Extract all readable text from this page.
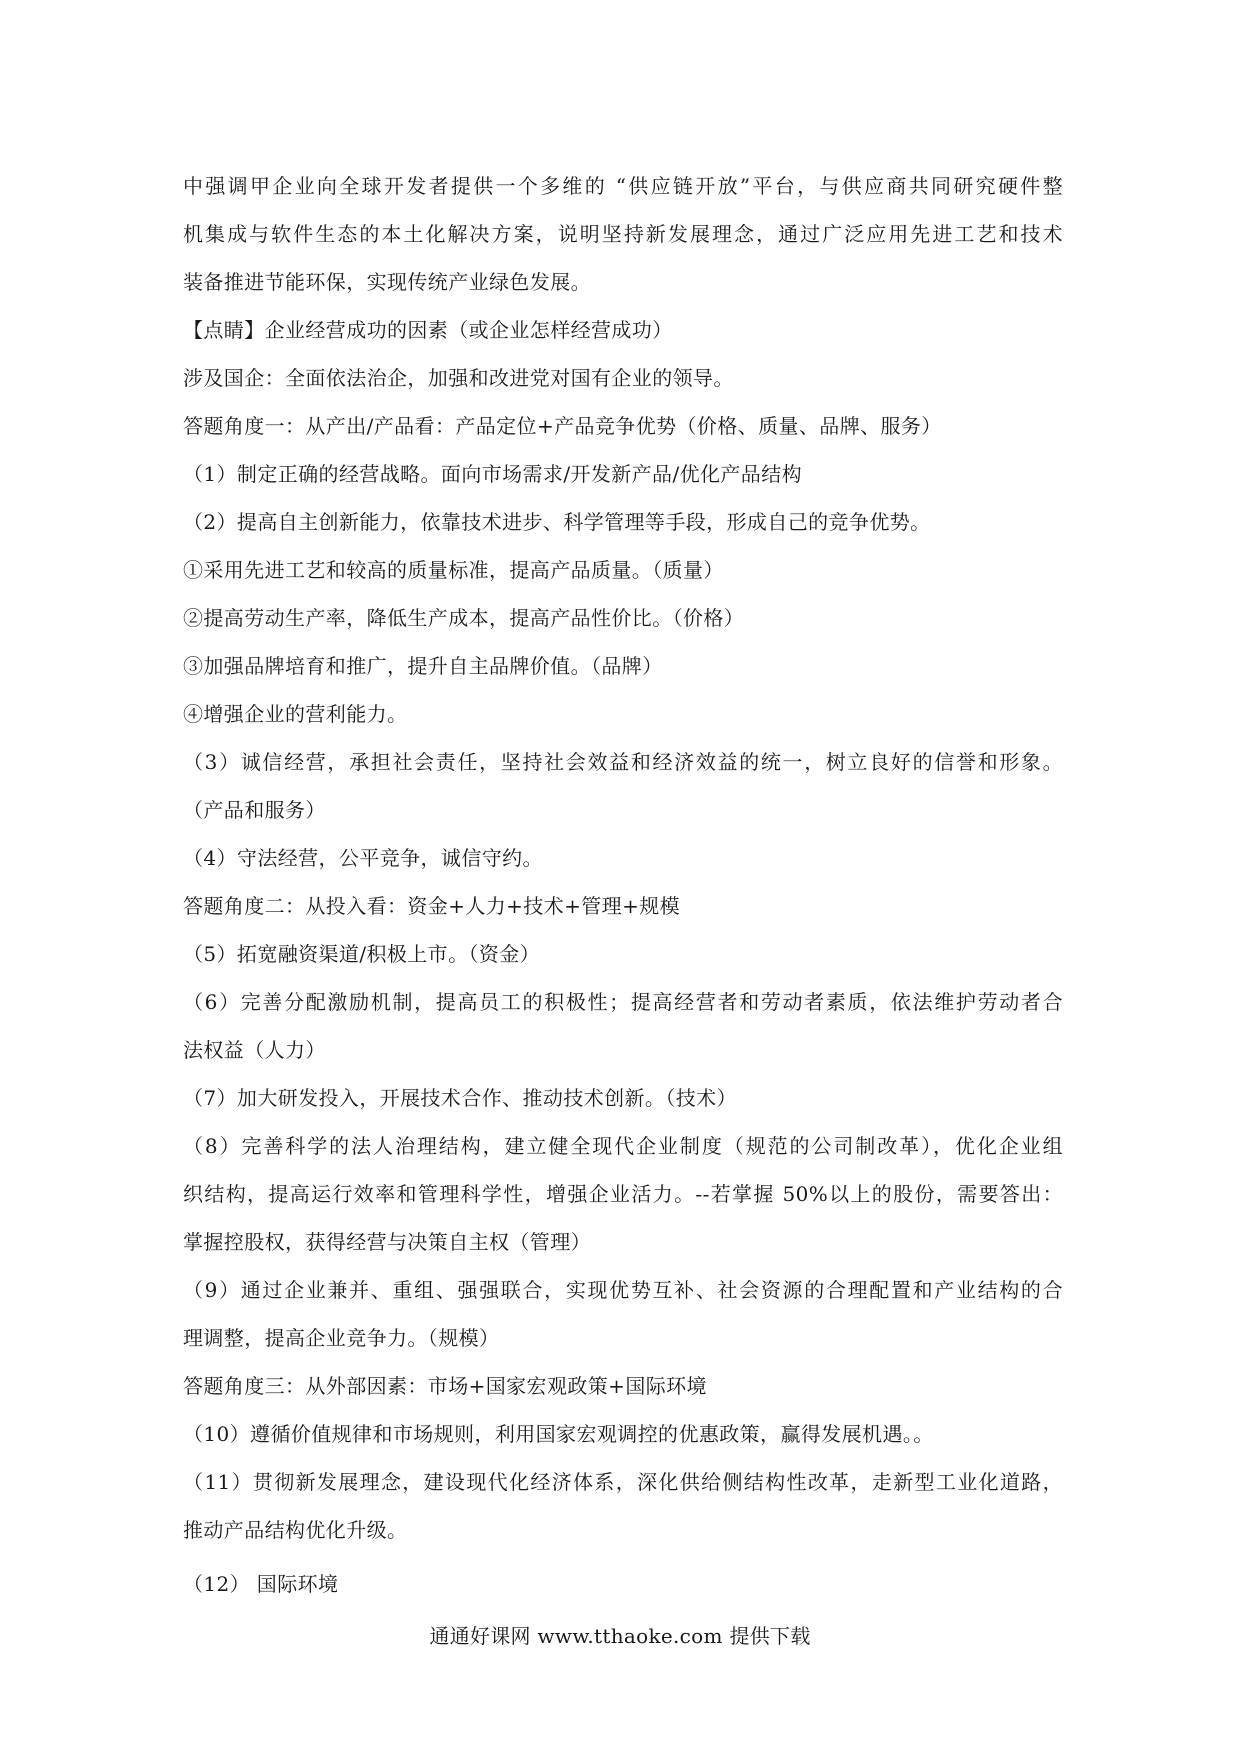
中强调甲企业向全球开发者提供一个多维的 “供应链开放”平台，与供应商共同研究硬件整
机集成与软件生态的本土化解决方案，说明坚持新发展理念，通过广泛应用先进工艺和技术
装备推进节能环保，实现传统产业绿色发展。
【点睛】企业经营成功的因素（或企业怎样经营成功）
涉及国企：全面依法治企，加强和改进党对国有企业的领导。
答题角度一：从产出/产品看：产品定位+产品竞争优势（价格、质量、品牌、服务）
（1）制定正确的经营战略。面向市场需求/开发新产品/优化产品结构
（2）提高自主创新能力，依靠技术进步、科学管理等手段，形成自己的竞争优势。
①采用先进工艺和较高的质量标准，提高产品质量。（质量）
②提高劳动生产率，降低生产成本，提高产品性价比。（价格）
③加强品牌培育和推广，提升自主品牌价值。（品牌）
④增强企业的营利能力。
（3）诚信经营，承担社会责任，坚持社会效益和经济效益的统一，树立良好的信誉和形象。
（产品和服务）
（4）守法经营，公平竞争，诚信守约。
答题角度二：从投入看：资金+人力+技术+管理+规模
（5）拓宽融资渠道/积极上市。（资金）
（6）完善分配激励机制，提高员工的积极性；提高经营者和劳动者素质，依法维护劳动者合
法权益（人力）
（7）加大研发投入，开展技术合作、推动技术创新。（技术）
（8）完善科学的法人治理结构，建立健全现代企业制度（规范的公司制改革），优化企业组
织结构，提高运行效率和管理科学性，增强企业活力。--若掌握 50%以上的股份，需要答出：
掌握控股权，获得经营与决策自主权（管理）
（9）通过企业兼并、重组、强强联合，实现优势互补、社会资源的合理配置和产业结构的合
理调整，提高企业竞争力。（规模）
答题角度三：从外部因素：市场+国家宏观政策+国际环境
（10）遵循价值规律和市场规则，利用国家宏观调控的优惠政策，赢得发展机遇。。
（11）贯彻新发展理念，建设现代化经济体系，深化供给侧结构性改革，走新型工业化道路，
推动产品结构优化升级。
（12） 国际环境
通通好课网 www.tthaoke.com 提供下载
